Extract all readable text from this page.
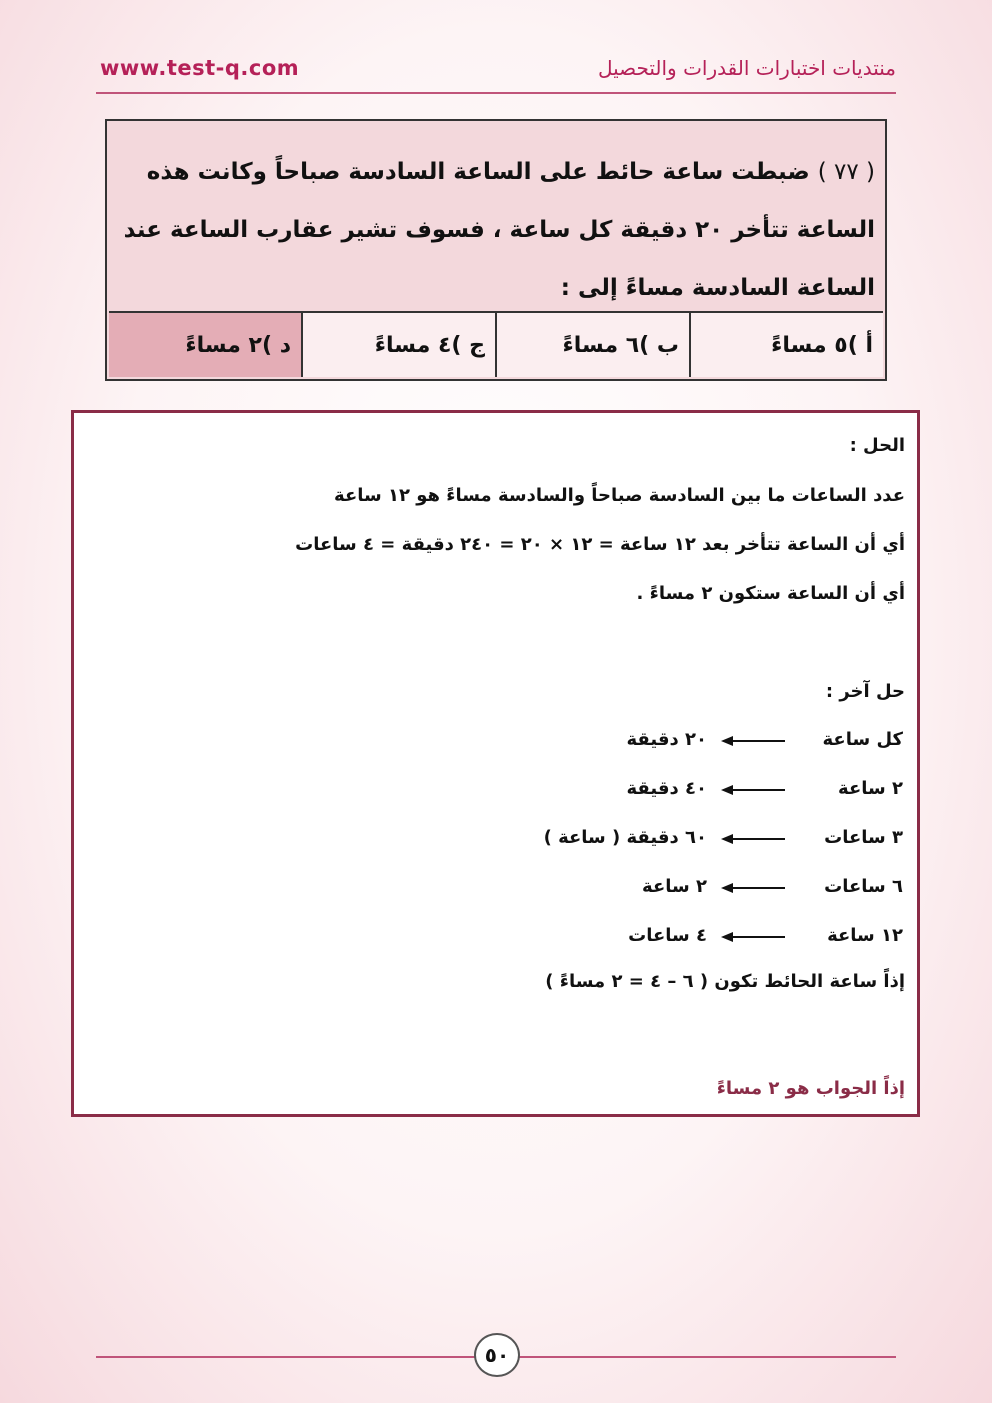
www.test-q.com	منتديات اختبارات القدرات والتحصيل
( ٧٧ ) ضبطت ساعة حائط على الساعة السادسة صباحاً وكانت هذه
الساعة تتأخر ٢٠ دقيقة كل ساعة ، فسوف تشير عقارب الساعة عند
الساعة السادسة مساءً إلى :
أ )٥ مساءً
ب )٦ مساءً
ج )٤ مساءً
د )٢ مساءً
الحل :
عدد الساعات ما بين السادسة صباحاً والسادسة مساءً هو ١٢ ساعة
أي أن الساعة تتأخر بعد ١٢ ساعة = ١٢ × ٢٠ = ٢٤٠ دقيقة = ٤ ساعات
أي أن الساعة ستكون ٢ مساءً .
حل آخر :
كل ساعة
٢٠ دقيقة
٢ ساعة
٤٠ دقيقة
٣ ساعات
٦٠ دقيقة ( ساعة )
٦ ساعات
٢ ساعة
١٢ ساعة
٤ ساعات
إذاً ساعة الحائط تكون ( ٦ – ٤ = ٢ مساءً )
إذاً الجواب هو ٢ مساءً
٥٠
